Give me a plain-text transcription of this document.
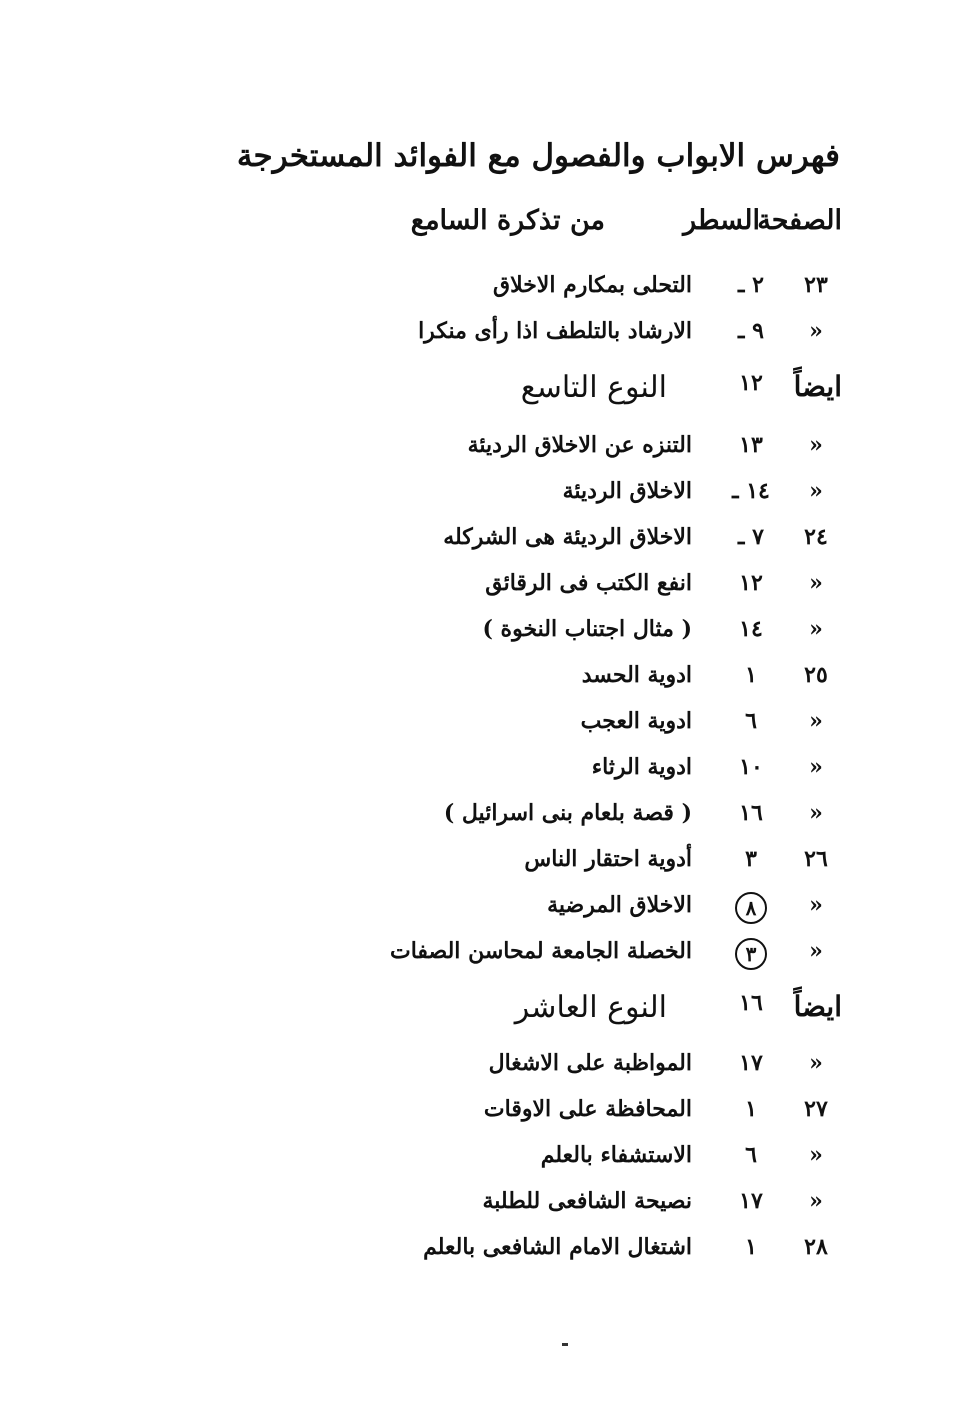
فهرس الابواب والفصول مع الفوائد المستخرجة
الصفحة
السطر
من تذكرة السامع
٢٣
٢ ـ
التحلى بمكارم الاخلاق
«
٩ ـ
الارشاد بالتلطف اذا رأى منكرا
ايضاً
١٢
النوع التاسع
«
١٣
التنزه عن الاخلاق الرديئة
«
١٤ ـ
الاخلاق الرديئة
٢٤
٧ ـ
الاخلاق الرديئة هى الشركله
«
١٢
انفع الكتب فى الرقائق
«
١٤
( مثال اجتناب النخوة )
٢٥
١
ادوية الحسد
«
٦
ادوية العجب
«
١٠
ادوية الرثاء
«
١٦
( قصة بلعام بنى اسرائيل )
٢٦
٣
أدوية احتقار الناس
«
٨
الاخلاق المرضية
«
٣
الخصلة الجامعة لمحاسن الصفات
ايضاً
١٦
النوع العاشر
«
١٧
المواظبة على الاشغال
٢٧
١
المحافظة على الاوقات
«
٦
الاستشفاء بالعلم
«
١٧
نصيحة الشافعى للطلبة
٢٨
١
اشتغال الامام الشافعى بالعلم
